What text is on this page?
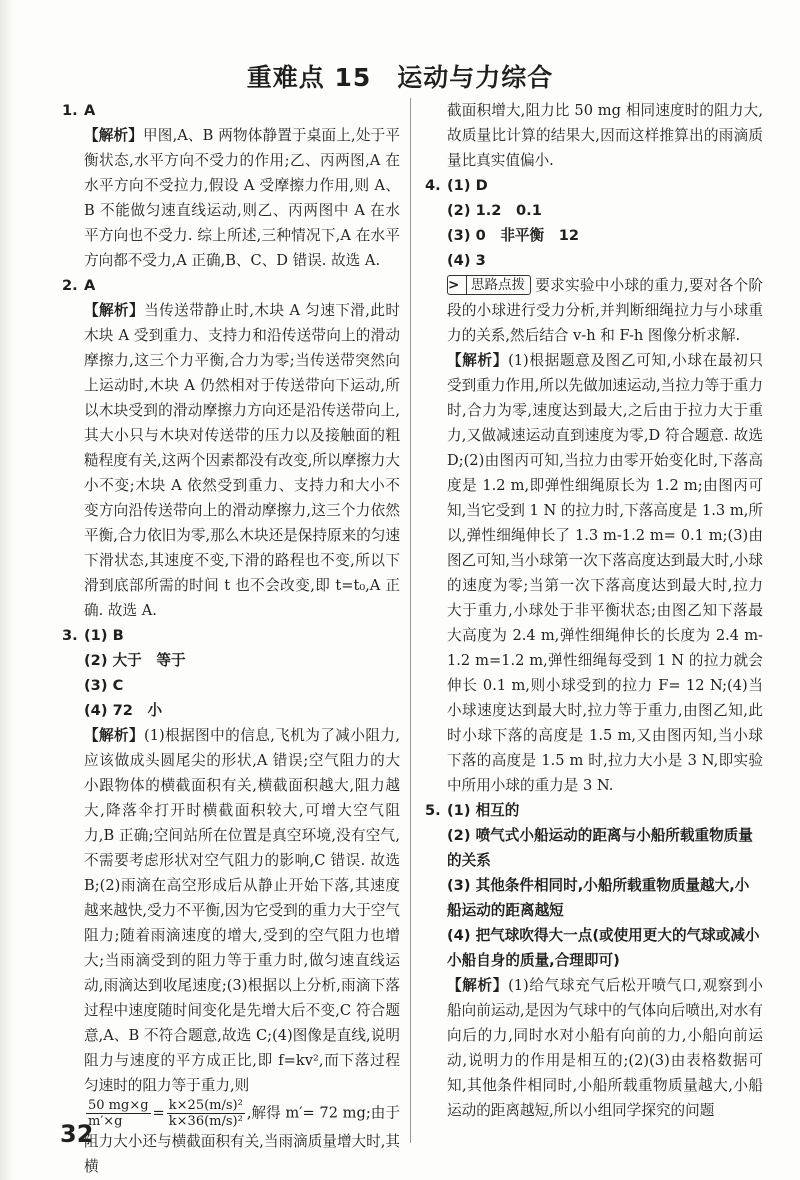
重难点 15　运动与力综合
1. A

【解析】甲图,A、B 两物体静置于桌面上,处于平衡状态,水平方向不受力的作用;乙、丙两图,A 在水平方向不受拉力,假设 A 受摩擦力作用,则 A、B 不能做匀速直线运动,则乙、丙两图中 A 在水平方向也不受力. 综上所述,三种情况下,A 在水平方向都不受力,A 正确,B、C、D 错误. 故选 A.

2. A

【解析】当传送带静止时,木块 A 匀速下滑,此时木块 A 受到重力、支持力和沿传送带向上的滑动摩擦力,这三个力平衡,合力为零;当传送带突然向上运动时,木块 A 仍然相对于传送带向下运动,所以木块受到的滑动摩擦力方向还是沿传送带向上,其大小只与木块对传送带的压力以及接触面的粗糙程度有关,这两个因素都没有改变,所以摩擦力大小不变;木块 A 依然受到重力、支持力和大小不变方向沿传送带向上的滑动摩擦力,这三个力依然平衡,合力依旧为零,那么木块还是保持原来的匀速下滑状态,其速度不变,下滑的路程也不变,所以下滑到底部所需的时间 t 也不会改变,即 t=t₀,A 正确. 故选 A.

3. (1) B
(2) 大于　等于
(3) C
(4) 72　小

【解析】(1)根据图中的信息,飞机为了减小阻力,应该做成头圆尾尖的形状,A 错误;空气阻力的大小跟物体的横截面积有关,横截面积越大,阻力越大,降落伞打开时横截面积较大,可增大空气阻力,B 正确;空间站所在位置是真空环境,没有空气,不需要考虑形状对空气阻力的影响,C 错误. 故选 B;(2)雨滴在高空形成后从静止开始下落,其速度越来越快,受力不平衡,因为它受到的重力大于空气阻力;随着雨滴速度的增大,受到的空气阻力也增大;当雨滴受到的阻力等于重力时,做匀速直线运动,雨滴达到收尾速度;(3)根据以上分析,雨滴下落过程中速度随时间变化是先增大后不变,C 符合题意,A、B 不符合题意,故选 C;(4)图像是直线,说明阻力与速度的平方成正比,即 f=kv²,而下落过程匀速时的阻力等于重力,则

$\frac{50 mg\times g}{m'\times g} = \frac{\text{k×25(m/s)²}}{\text{k×36(m/s)²}}$ ,解得 m′= 72 mg;由于阻力大小还与横截面积有关,当雨滴质量增大时,其横

截面积增大,阻力比 50 mg 相同速度时的阻力大,故质量比计算的结果大,因而这样推算出的雨滴质量比真实值偏小.

4. (1) D
(2) 1.2　0.1
(3) 0　非平衡　12
(4) 3

> 思路点拨 要求实验中小球的重力,要对各个阶段的小球进行受力分析,并判断细绳拉力与小球重力的关系,然后结合 v-h 和 F-h 图像分析求解.

【解析】(1)根据题意及图乙可知,小球在最初只受到重力作用,所以先做加速运动,当拉力等于重力时,合力为零,速度达到最大,之后由于拉力大于重力,又做减速运动直到速度为零,D 符合题意. 故选 D;(2)由图丙可知,当拉力由零开始变化时,下落高度是 1.2 m,即弹性细绳原长为 1.2 m;由图丙可知,当它受到 1 N 的拉力时,下落高度是 1.3 m,所以,弹性细绳伸长了 1.3 m-1.2 m= 0.1 m;(3)由图乙可知,当小球第一次下落高度达到最大时,小球的速度为零;当第一次下落高度达到最大时,拉力大于重力,小球处于非平衡状态;由图乙知下落最大高度为 2.4 m,弹性细绳伸长的长度为 2.4 m-1.2 m=1.2 m,弹性细绳每受到 1 N 的拉力就会伸长 0.1 m,则小球受到的拉力 F= 12 N;(4)当小球速度达到最大时,拉力等于重力,由图乙知,此时小球下落的高度是 1.5 m,又由图丙知,当小球下落的高度是 1.5 m 时,拉力大小是 3 N,即实验中所用小球的重力是 3 N.

5. (1) 相互的
(2) 喷气式小船运动的距离与小船所载重物质量的关系
(3) 其他条件相同时,小船所载重物质量越大,小船运动的距离越短
(4) 把气球吹得大一点(或使用更大的气球或减小小船自身的质量,合理即可)

【解析】(1)给气球充气后松开喷气口,观察到小船向前运动,是因为气球中的气体向后喷出,对水有向后的力,同时水对小船有向前的力,小船向前运动,说明力的作用是相互的;(2)(3)由表格数据可知,其他条件相同时,小船所载重物质量越大,小船运动的距离越短,所以小组同学探究的问题

32
